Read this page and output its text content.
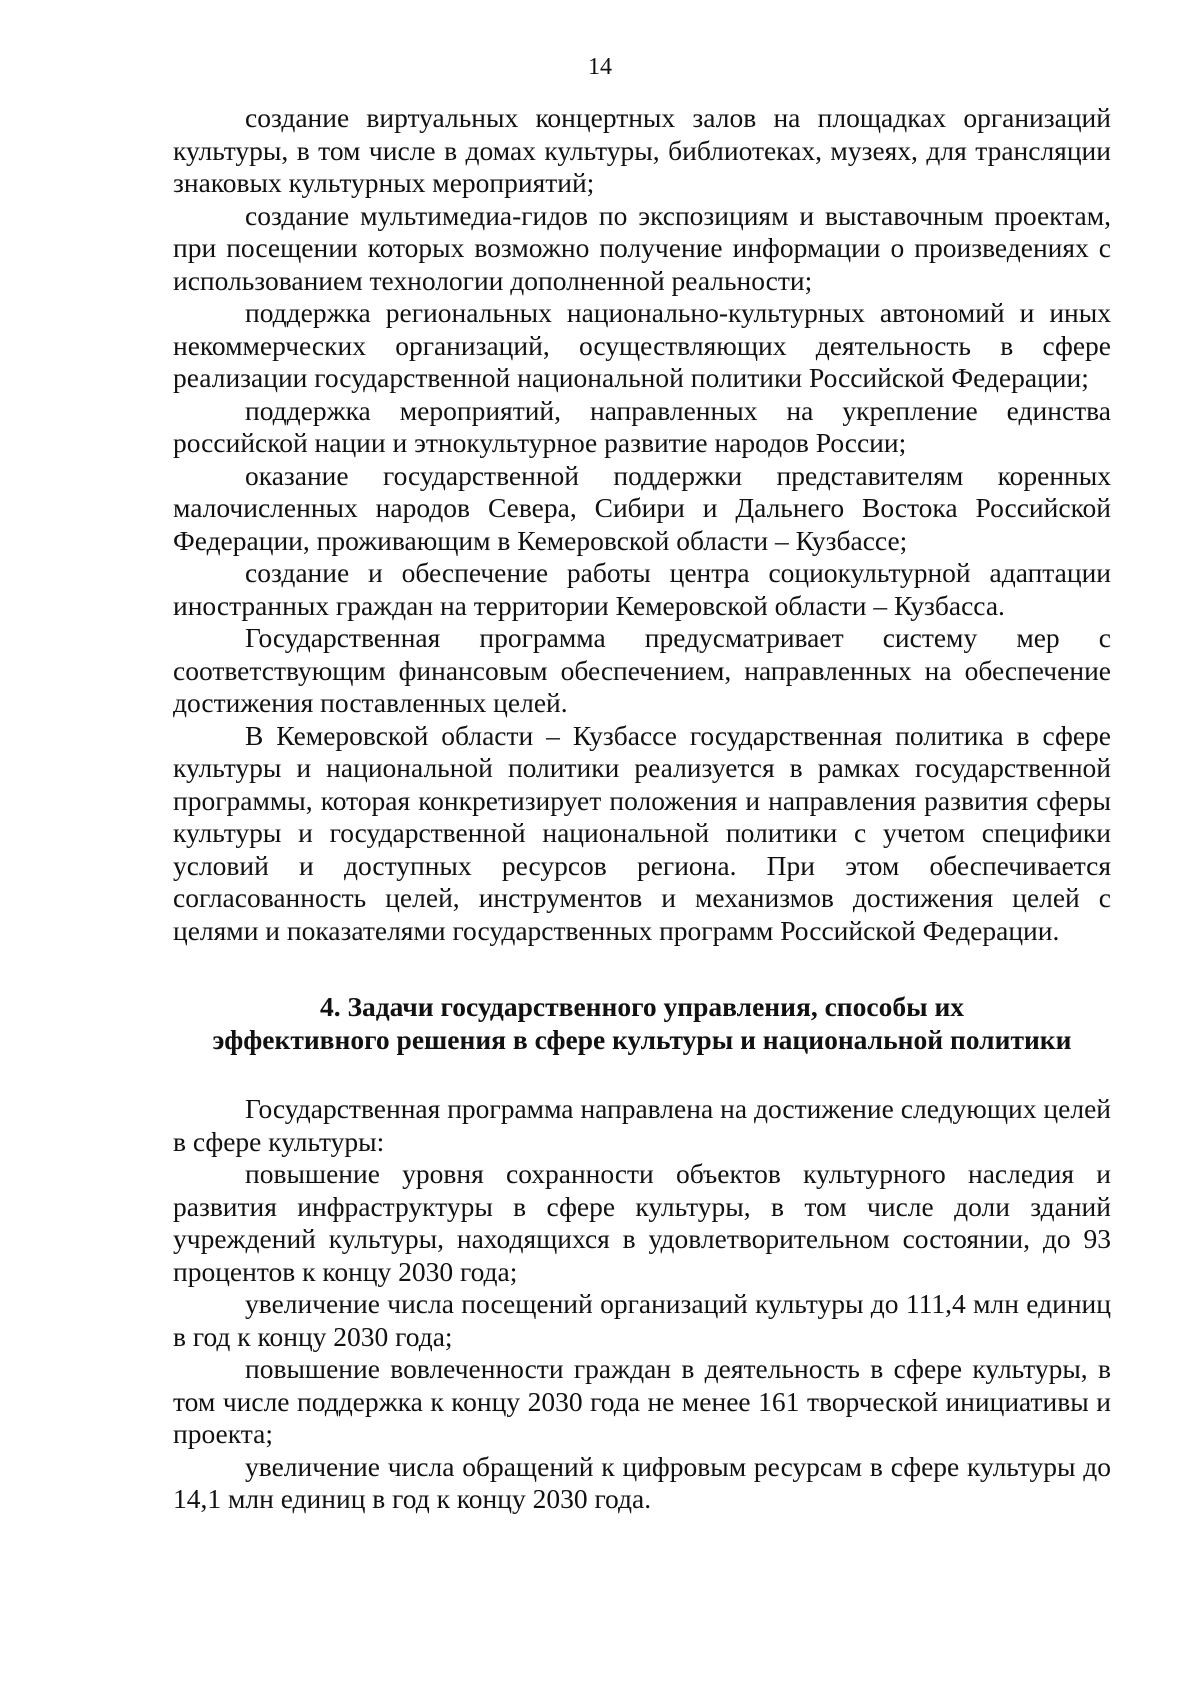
14

создание виртуальных концертных залов на площадках организаций культуры, в том числе в домах культуры, библиотеках, музеях, для трансляции знаковых культурных мероприятий;

создание мультимедиа-гидов по экспозициям и выставочным проектам, при посещении которых возможно получение информации о произведениях с использованием технологии дополненной реальности;

поддержка региональных национально-культурных автономий и иных некоммерческих организаций, осуществляющих деятельность в сфере реализации государственной национальной политики Российской Федерации;

поддержка мероприятий, направленных на укрепление единства российской нации и этнокультурное развитие народов России;

оказание государственной поддержки представителям коренных малочисленных народов Севера, Сибири и Дальнего Востока Российской Федерации, проживающим в Кемеровской области – Кузбассе;

создание и обеспечение работы центра социокультурной адаптации иностранных граждан на территории Кемеровской области – Кузбасса.

Государственная программа предусматривает систему мер с соответствующим финансовым обеспечением, направленных на обеспечение достижения поставленных целей.

В Кемеровской области – Кузбассе государственная политика в сфере культуры и национальной политики реализуется в рамках государственной программы, которая конкретизирует положения и направления развития сферы культуры и государственной национальной политики с учетом специфики условий и доступных ресурсов региона. При этом обеспечивается согласованность целей, инструментов и механизмов достижения целей с целями и показателями государственных программ Российской Федерации.

4. Задачи государственного управления, способы их
эффективного решения в сфере культуры и национальной политики

Государственная программа направлена на достижение следующих целей в сфере культуры:

повышение уровня сохранности объектов культурного наследия и развития инфраструктуры в сфере культуры, в том числе доли зданий учреждений культуры, находящихся в удовлетворительном состоянии, до 93 процентов к концу 2030 года;

увеличение числа посещений организаций культуры до 111,4 млн единиц в год к концу 2030 года;

повышение вовлеченности граждан в деятельность в сфере культуры, в том числе поддержка к концу 2030 года не менее 161 творческой инициативы и проекта;

увеличение числа обращений к цифровым ресурсам в сфере культуры до 14,1 млн единиц в год к концу 2030 года.
